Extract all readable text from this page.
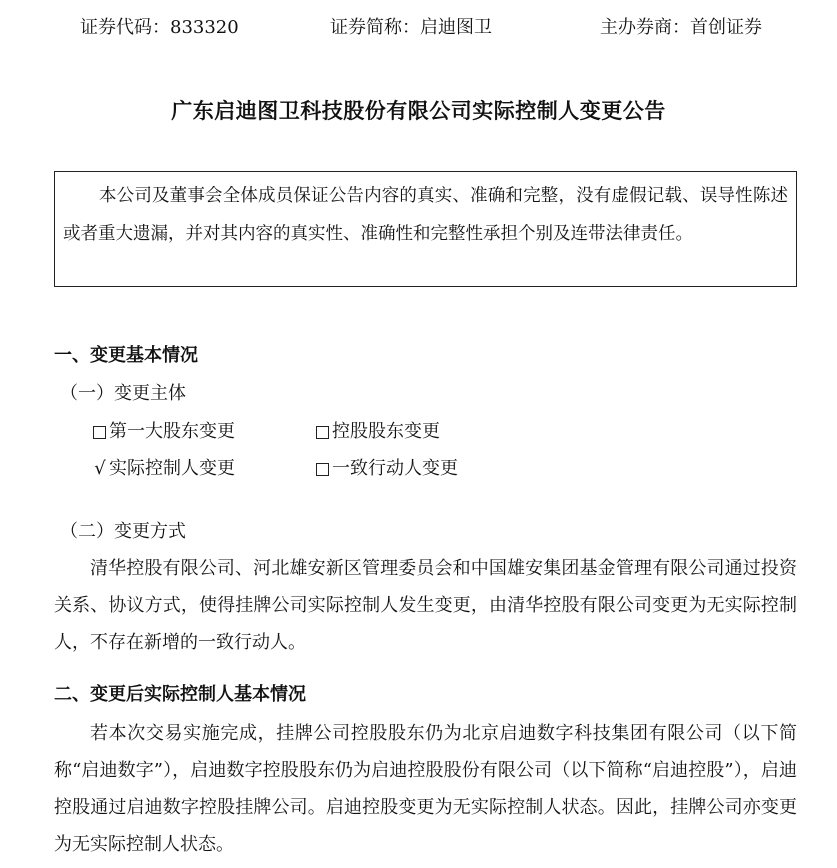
证券代码：833320	证券简称：启迪图卫	主办券商：首创证券
广东启迪图卫科技股份有限公司实际控制人变更公告
本公司及董事会全体成员保证公告内容的真实、准确和完整，没有虚假记载、误导性陈述或者重大遗漏，并对其内容的真实性、准确性和完整性承担个别及连带法律责任。
一、变更基本情况
（一）变更主体
第一大股东变更	控股股东变更
√ 实际控制人变更	一致行动人变更
（二）变更方式
清华控股有限公司、河北雄安新区管理委员会和中国雄安集团基金管理有限公司通过投资关系、协议方式，使得挂牌公司实际控制人发生变更，由清华控股有限公司变更为无实际控制人，不存在新增的一致行动人。
二、变更后实际控制人基本情况
若本次交易实施完成，挂牌公司控股股东仍为北京启迪数字科技集团有限公司（以下简称“启迪数字”），启迪数字控股股东仍为启迪控股股份有限公司（以下简称“启迪控股”），启迪控股通过启迪数字控股挂牌公司。启迪控股变更为无实际控制人状态。因此，挂牌公司亦变更为无实际控制人状态。
